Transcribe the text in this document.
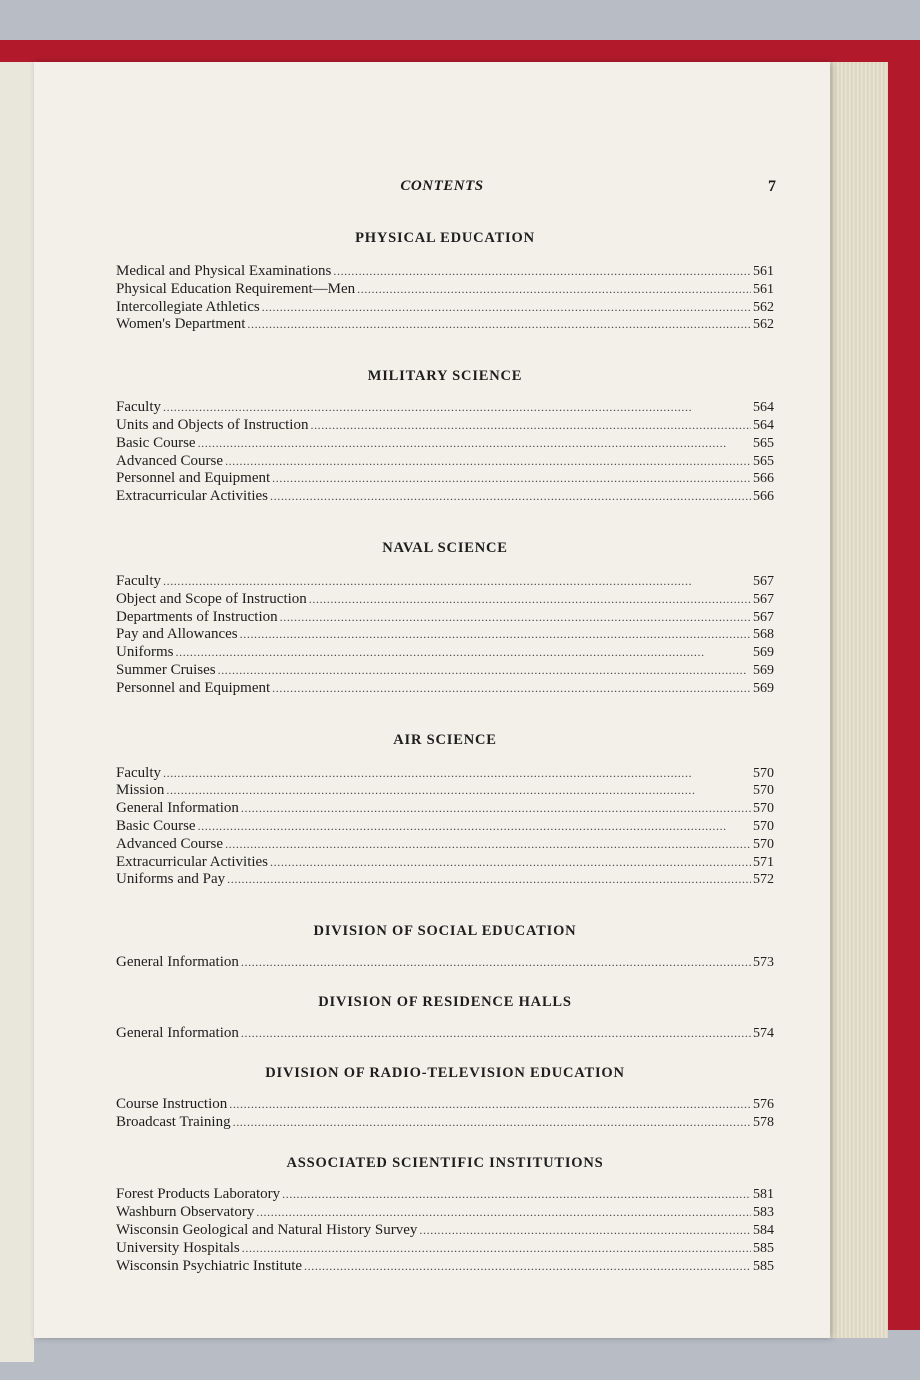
CONTENTS	7
PHYSICAL EDUCATION
Medical and Physical Examinations . . .	561
Physical Education Requirement—Men . . .	561
Intercollegiate Athletics . . .	562
Women's Department . . .	562
MILITARY SCIENCE
Faculty . . .	564
Units and Objects of Instruction . . .	564
Basic Course . . .	565
Advanced Course . . .	565
Personnel and Equipment . . .	566
Extracurricular Activities . . .	566
NAVAL SCIENCE
Faculty . . .	567
Object and Scope of Instruction . . .	567
Departments of Instruction . . .	567
Pay and Allowances . . .	568
Uniforms . . .	569
Summer Cruises . . .	569
Personnel and Equipment . . .	569
AIR SCIENCE
Faculty . . .	570
Mission . . .	570
General Information . . .	570
Basic Course . . .	570
Advanced Course . . .	570
Extracurricular Activities . . .	571
Uniforms and Pay . . .	572
DIVISION OF SOCIAL EDUCATION
General Information . . .	573
DIVISION OF RESIDENCE HALLS
General Information . . .	574
DIVISION OF RADIO-TELEVISION EDUCATION
Course Instruction . . .	576
Broadcast Training . . .	578
ASSOCIATED SCIENTIFIC INSTITUTIONS
Forest Products Laboratory . . .	581
Washburn Observatory . . .	583
Wisconsin Geological and Natural History Survey . . .	584
University Hospitals . . .	585
Wisconsin Psychiatric Institute . . .	585
